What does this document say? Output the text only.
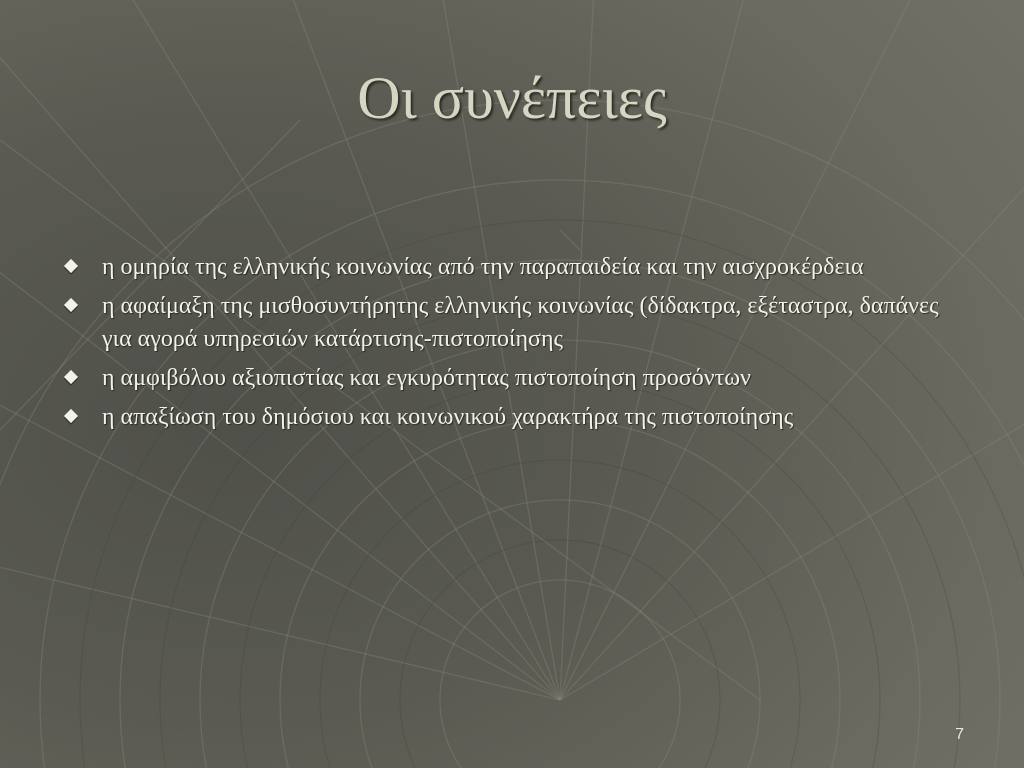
Οι συνέπειες
η ομηρία της ελληνικής κοινωνίας από την παραπαιδεία και την αισχροκέρδεια
η αφαίμαξη της μισθοσυντήρητης ελληνικής κοινωνίας (δίδακτρα, εξέταστρα, δαπάνες για αγορά υπηρεσιών κατάρτισης-πιστοποίησης
η αμφιβόλου αξιοπιστίας και εγκυρότητας πιστοποίηση προσόντων
η απαξίωση του δημόσιου και κοινωνικού χαρακτήρα της πιστοποίησης
7
